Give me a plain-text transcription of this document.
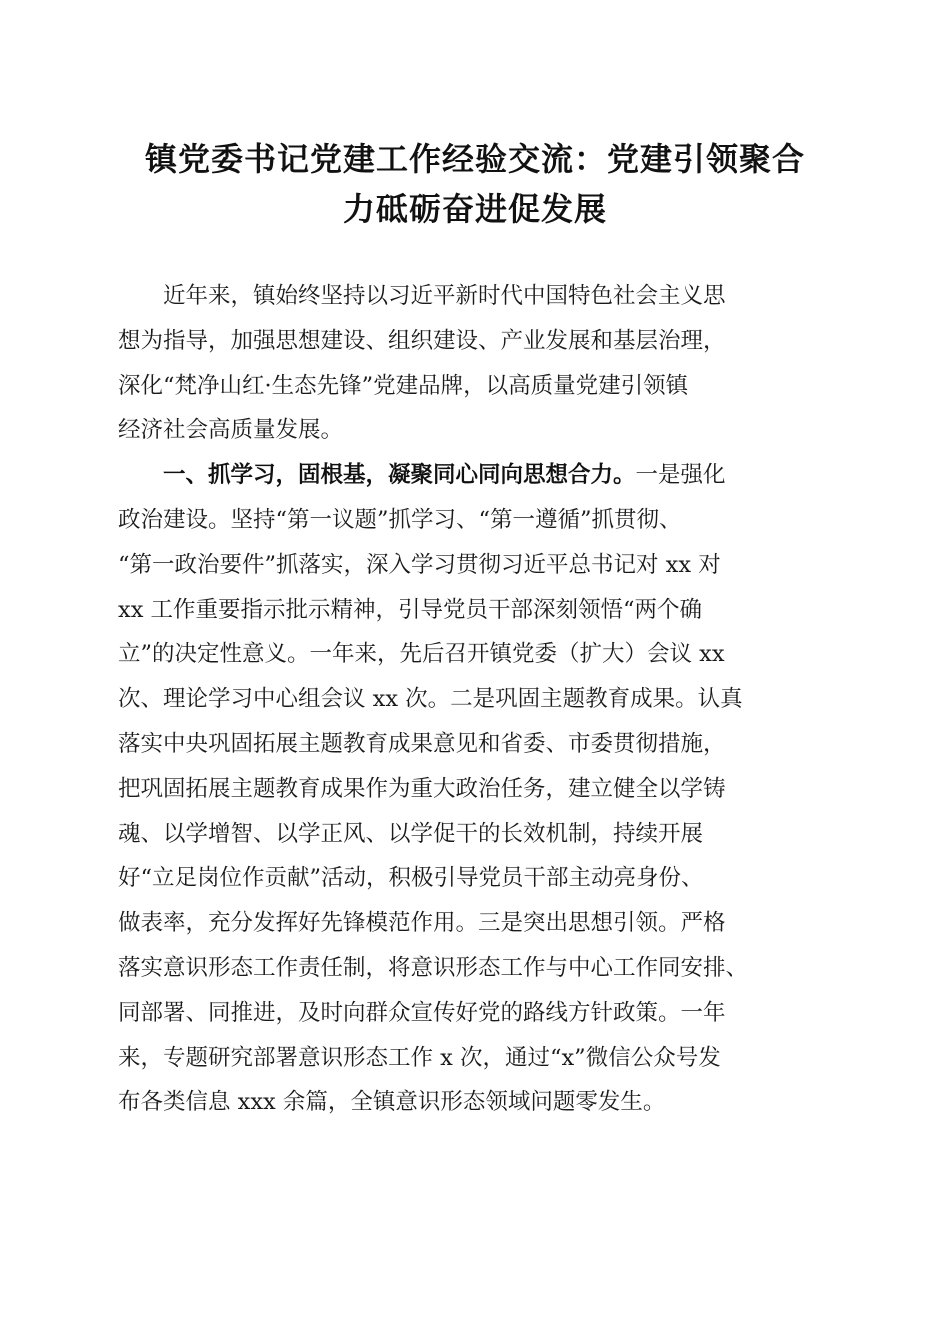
镇党委书记党建工作经验交流：党建引领聚合
力砥砺奋进促发展
　　近年来，镇始终坚持以习近平新时代中国特色社会主义思
想为指导，加强思想建设、组织建设、产业发展和基层治理，
深化“梵净山红·生态先锋”党建品牌，以高质量党建引领镇
经济社会高质量发展。
　　一、抓学习，固根基，凝聚同心同向思想合力。一是强化
政治建设。坚持“第一议题”抓学习、“第一遵循”抓贯彻、
“第一政治要件”抓落实，深入学习贯彻习近平总书记对 xx 对
xx 工作重要指示批示精神，引导党员干部深刻领悟“两个确
立”的决定性意义。一年来，先后召开镇党委（扩大）会议 xx
次、理论学习中心组会议 xx 次。二是巩固主题教育成果。认真
落实中央巩固拓展主题教育成果意见和省委、市委贯彻措施，
把巩固拓展主题教育成果作为重大政治任务，建立健全以学铸
魂、以学增智、以学正风、以学促干的长效机制，持续开展
好“立足岗位作贡献”活动，积极引导党员干部主动亮身份、
做表率，充分发挥好先锋模范作用。三是突出思想引领。严格
落实意识形态工作责任制，将意识形态工作与中心工作同安排、
同部署、同推进，及时向群众宣传好党的路线方针政策。一年
来，专题研究部署意识形态工作 x 次，通过“x”微信公众号发
布各类信息 xxx 余篇，全镇意识形态领域问题零发生。
